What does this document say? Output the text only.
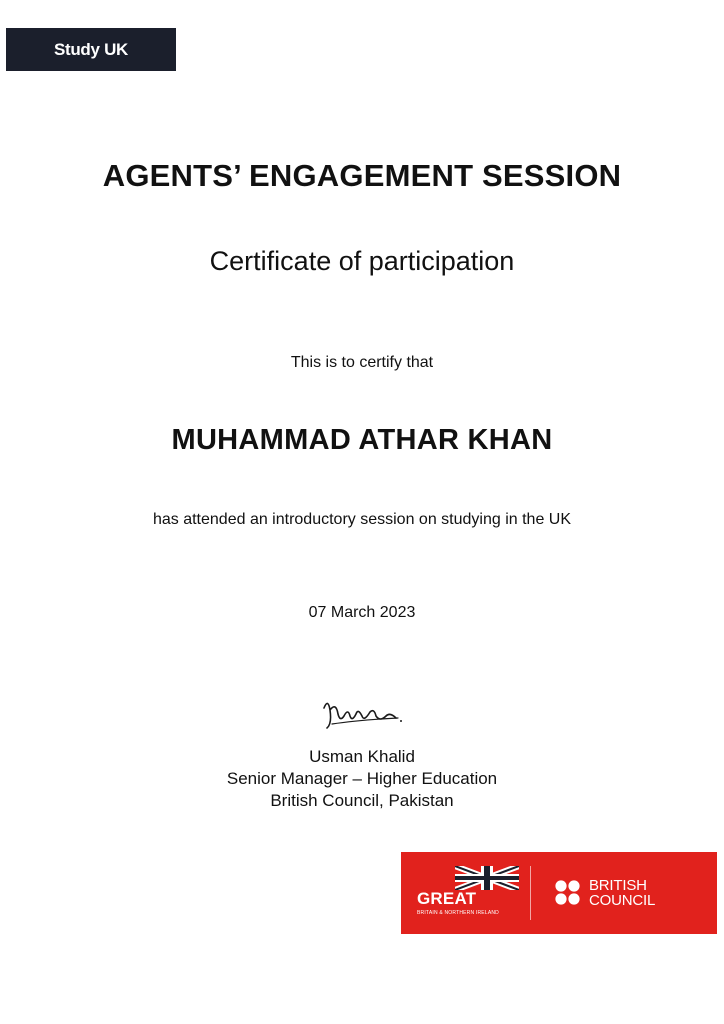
Study UK
AGENTS’ ENGAGEMENT SESSION
Certificate of participation
This is to certify that
MUHAMMAD ATHAR KHAN
has attended an introductory session on studying in the UK
07 March 2023
Usman Khalid
Senior Manager – Higher Education
British Council, Pakistan
GREAT
BRITAIN & NORTHERN IRELAND
BRITISH
COUNCIL
